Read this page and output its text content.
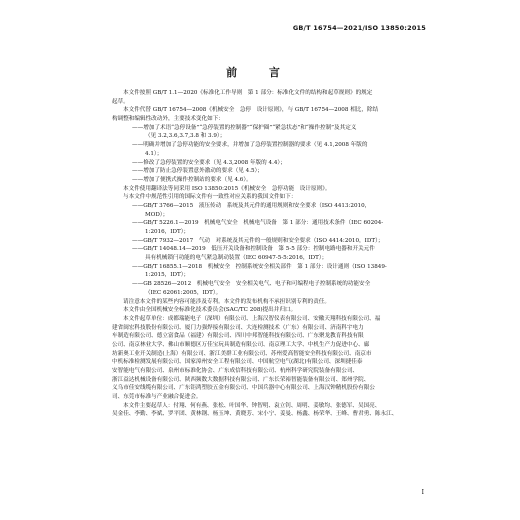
GB/T 16754—2021/ISO 13850:2015
前 言
本文件按照 GB/T 1.1—2020《标准化工作导则　第 1 部分：标准化文件的结构和起草规则》的规定
起草。
本文件代替 GB/T 16754—2008《机械安全　急停　设计原则》，与 GB/T 16754—2008 相比，除结
构调整和编辑性改动外，主要技术变化如下：
——增加了术语“急停设备”“急停装置的控制器”“保护圈”“紧急状态”和“操作控制”及其定义
（见 3.2,3.6,3.7,3.8 和 3.9）；
——明确并增加了急停功能的安全要求，并增加了急停装置控制器的要求（见 4.1,2008 年版的
4.1）；
——修改了急停装置的安全要求（见 4.3,2008 年版的 4.4）；
——增加了防止急停装置意外激动的要求（见 4.5）；
——增加了便携式操作控制站的要求（见 4.6）。
本文件使用翻译法等同采用 ISO 13850:2015《机械安全　急停功能　设计原则》。
与本文件中规范性引用的国际文件有一致性对应关系的我国文件如下：
——GB/T 3766—2015　液压传动　系统及其元件的通用规则和安全要求（ISO 4413:2010，
MOD）；
——GB/T 5226.1—2019　机械电气安全　机械电气设备　第 1 部分：通用技术条件（IEC 60204-
1:2016，IDT）；
——GB/T 7932—2017　气动　对系统及其元件的一般规则和安全要求（ISO 4414:2010，IDT）；
——GB/T 14048.14—2019　低压开关设备和控制设备　第 5-5 部分：控制电路电器和开关元件
具有机械锁闩功能的电气紧急制动装置（IEC 60947-5-5:2016，IDT）；
——GB/T 16855.1—2018　机械安全　控制系统安全相关部件　第 1 部分：设计通则（ISO 13849-
1:2015，IDT）；
——GB 28526—2012　机械电气安全　安全相关电气、电子和可编程电子控制系统的功能安全
（IEC 62061:2005，IDT）。
请注意本文件的某些内容可能涉及专利。本文件的发布机构不承担识别专利的责任。
本文件由全国机械安全标准化技术委员会(SAC/TC 208)提出并归口。
本文件起草单位：成都瑞能电子（深圳）有限公司、上海汉智仪表有限公司、安徽天翔科技有限公司、福
建省闽宏科技股份有限公司、厦门力强焊接有限公司、大连检测技术（广东）有限公司、济南科宇电力
车制造有限公司、德立富食品（福建）有限公司、四川中邦智能科技有限公司、广东聚龙教育科技有限
公司、南京林业大学、佛山市顺德区万佳宝玩具制造有限公司、南京理工大学、中机生产力促进中心、廊
坊新奥工业开关制造(上海）有限公司、浙江美群工业有限公司、苏州爱高智能安全科技有限公司、南京市
中机标准检测发展有限公司、国家漳州安全工程有限公司、中国航空电气(湖北)有限公司、深圳捷佳泰
安智能电气有限公司、泉州市标准化协会、广东成信科技有限公司、杭州科学研究院装备有限公司、
浙江益达机械设备有限公司、陕西频数大数据科技有限公司、广东长荣裕智能装备有限公司、郑州学院、
义乌市佳安线缆有限公司、广东钜鸿塑胶五金有限公司、中国兵器中心有限公司、上海汉钟精机股份有限公
司、东莞市标准与产业融合促进会。
本文件主要起草人：付翔、何有燕、张松、叶国华、钟智明、袁立钊、周明、姜敏均、张德军、吴国亮、
吴金佳、李勤、李斌、罗平团、黄林钢、杨玉坤、黄晓芳、宋小宁、姜曼、杨鑫、杨荣华、王峰、曹君勇、陈永江、
I
